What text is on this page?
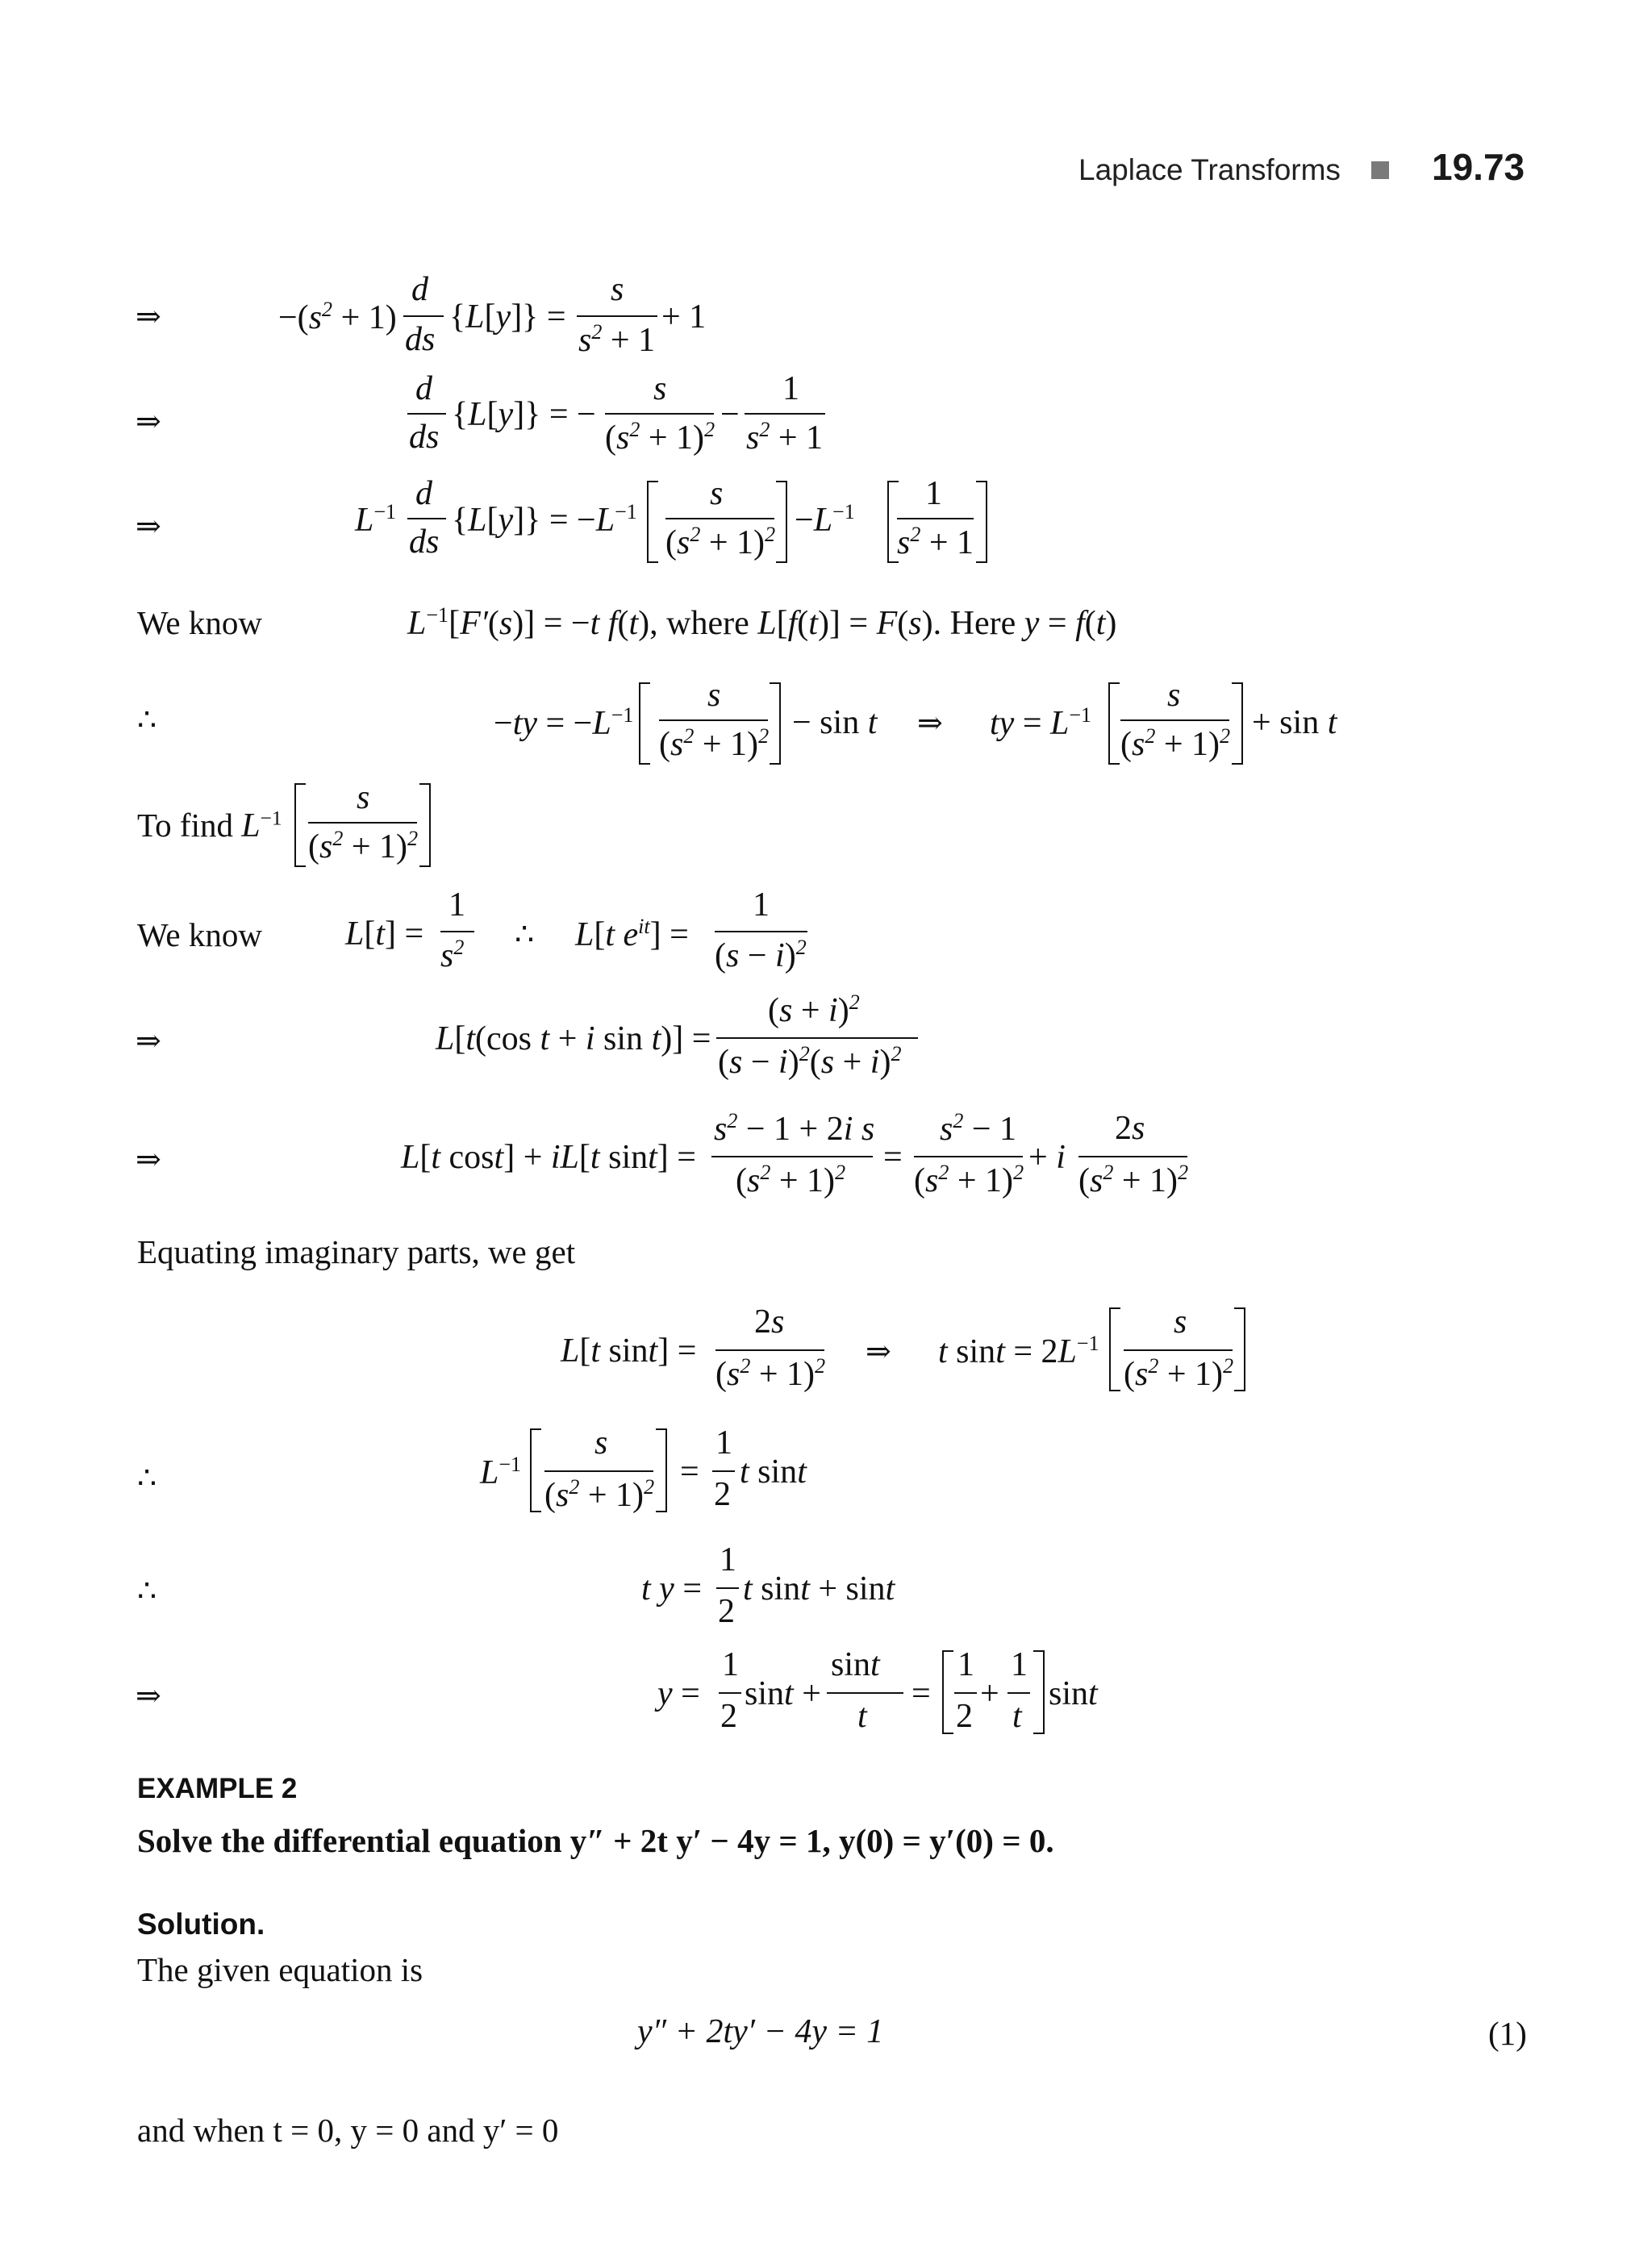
Laplace Transforms 19.73
⇒	$-(s^2 + 1)$
d
ds
{L[y]} =
s
$s^2 + 1$
+ 1
⇒
d
ds
{L[y]} = −
s
$(s^2 + 1)^2$ −
1
$s^2 + 1$
⇒	$L^{-1}$ d
ds
$\{L[y]\} = -L^{-1}$ s
$(s^2 + 1)^2 -L^{-1}$ 1
$s^2 + 1$
We know	$L^{-1}[F'(s)] = -t$ f(t), where L[f(t)] = F(s). Here y = f(t)
∴	$-ty = -L^{-1}$
s
$(s^2 + 1)^2 - \sin t$ ⇒ ty = $L^{-1}$
s
$(s^2 + 1)^2 + \sin t$
To find $L^{-1}$
s
$(s^2 + 1)^2$
We know L[t] =
1
$s^2$ ∴ L[t $e^{it}$] =
1
$(s - i)^2$
⇒	L[t(cos t + i sin t)] =
$(s + i)^2$
$(s - i)^2(s + i)^2$
⇒	L[t cost] + iL[t sint] =
$s^2 - 1 + 2i$ s
$(s^2 + 1)^2$ =
$s^2 - 1$
$(s^2 + 1)^2 + i$
2s
$(s^2 + 1)^2$
Equating imaginary parts, we get
L[t sint] =
2s
$(s^2 + 1)^2$ ⇒ t $\sin t = 2L^{-1}$
s
$(s^2 + 1)^2$
∴	$L^{-1}$
s
$(s^2 + 1)^2$ =
1
2
t sint
∴	t y =
1
2
t sint + sint
⇒	y =
1
2
sint +
sint
t
=
1
2
+
1
t
sint
EXAMPLE 2
Solve the differential equation y″ + 2t y′ − 4y = 1, y(0) = y′(0) = 0.
Solution.
The given equation is
y″ + 2ty′ − 4y = 1	(1)
and when t = 0, y = 0 and y′ = 0
